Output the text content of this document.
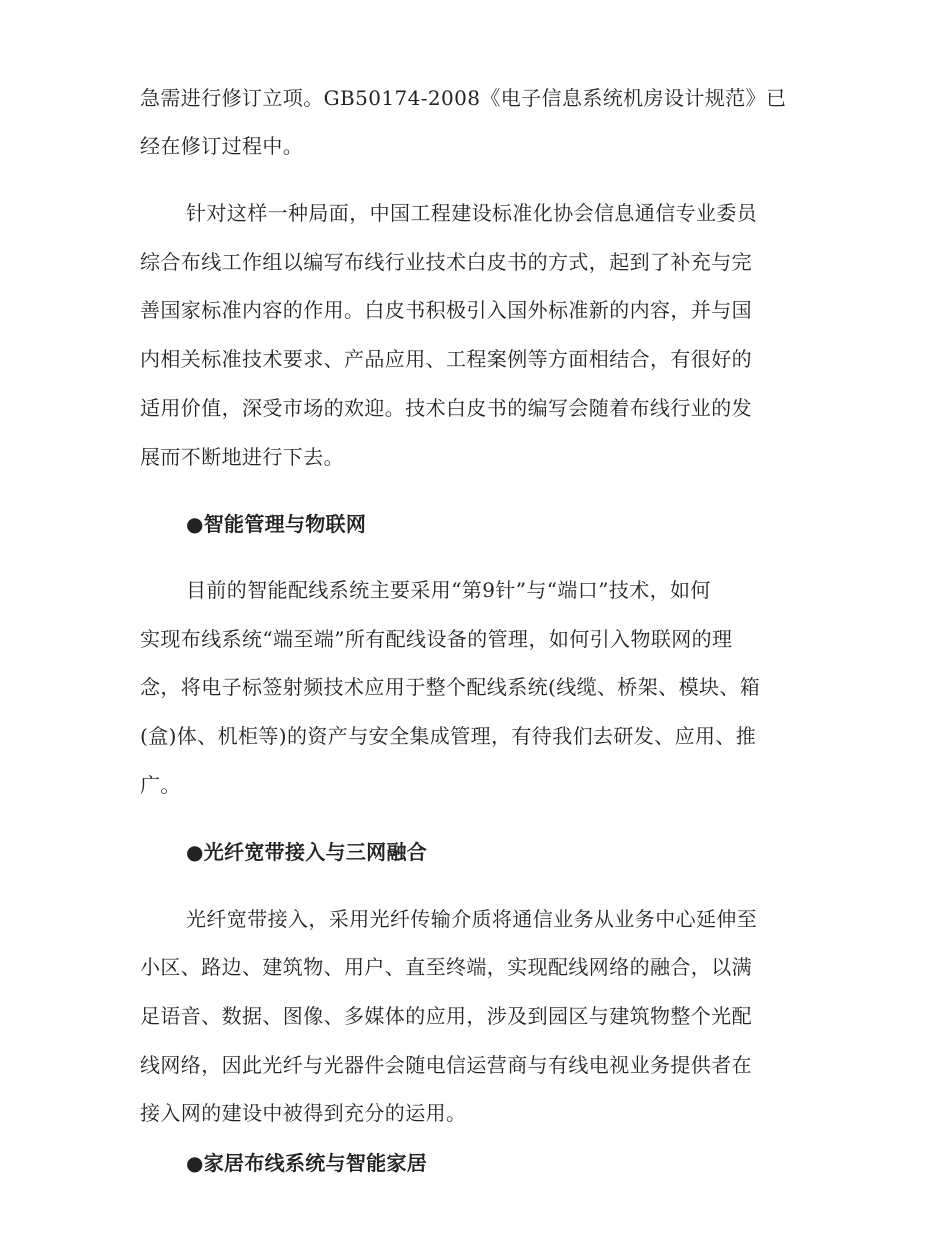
急需进行修订立项。GB50174-2008《电子信息系统机房设计规范》已
经在修订过程中。
针对这样一种局面，中国工程建设标准化协会信息通信专业委员
综合布线工作组以编写布线行业技术白皮书的方式，起到了补充与完
善国家标准内容的作用。白皮书积极引入国外标准新的内容，并与国
内相关标准技术要求、产品应用、工程案例等方面相结合，有很好的
适用价值，深受市场的欢迎。技术白皮书的编写会随着布线行业的发
展而不断地进行下去。
●智能管理与物联网
目前的智能配线系统主要采用“第9针”与“端口”技术，如何
实现布线系统“端至端”所有配线设备的管理，如何引入物联网的理
念，将电子标签射频技术应用于整个配线系统(线缆、桥架、模块、箱
(盒)体、机柜等)的资产与安全集成管理，有待我们去研发、应用、推
广。
●光纤宽带接入与三网融合
光纤宽带接入，采用光纤传输介质将通信业务从业务中心延伸至
小区、路边、建筑物、用户、直至终端，实现配线网络的融合，以满
足语音、数据、图像、多媒体的应用，涉及到园区与建筑物整个光配
线网络，因此光纤与光器件会随电信运营商与有线电视业务提供者在
接入网的建设中被得到充分的运用。
●家居布线系统与智能家居
